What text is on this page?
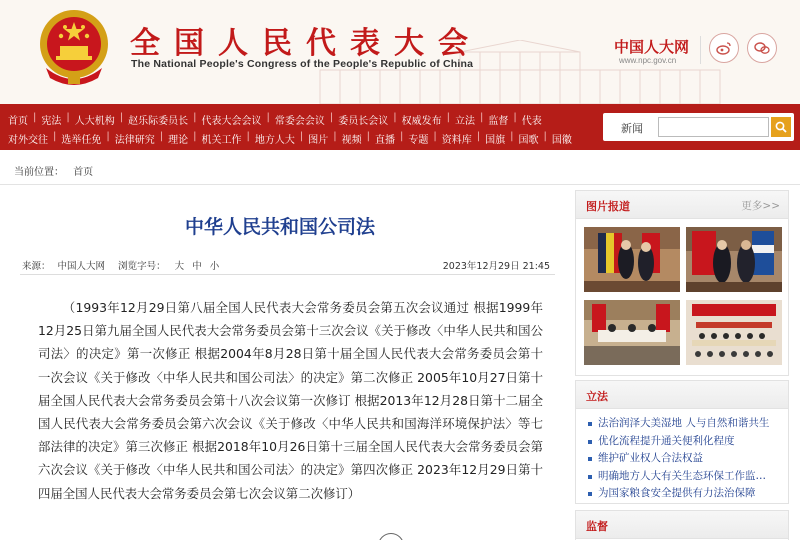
全国人民代表大会
The National People's Congress of the People's Republic of China
中国人大网
www.npc.gov.cn
首页 | 宪法 | 人大机构 | 赵乐际委员长 | 代表大会会议 | 常委会会议 | 委员长会议 | 权威发布 | 立法 | 监督 | 代表
对外交往 | 选举任免 | 法律研究 | 理论 | 机关工作 | 地方人大 | 图片 | 视频 | 直播 | 专题 | 资料库 | 国旗 | 国歌 | 国徽
新闻
当前位置： 首页
中华人民共和国公司法
来源： 中国人大网 浏览字号： 大 中 小	2023年12月29日 21:45
（1993年12月29日第八届全国人民代表大会常务委员会第五次会议通过 根据1999年12月25日第九届全国人民代表大会常务委员会第十三次会议《关于修改〈中华人民共和国公司法〉的决定》第一次修正 根据2004年8月28日第十届全国人民代表大会常务委员会第十一次会议《关于修改〈中华人民共和国公司法〉的决定》第二次修正 2005年10月27日第十届全国人民代表大会常务委员会第十八次会议第一次修订 根据2013年12月28日第十二届全国人民代表大会常务委员会第六次会议《关于修改〈中华人民共和国海洋环境保护法〉等七部法律的决定》第三次修正 根据2018年10月26日第十三届全国人民代表大会常务委员会第六次会议《关于修改〈中华人民共和国公司法〉的决定》第四次修正 2023年12月29日第十四届全国人民代表大会常务委员会第七次会议第二次修订）
图片报道	更多>>
立法
法治润泽大美湿地 人与自然和谐共生
优化流程提升通关便利化程度
维护矿业权人合法权益
明确地方人大有关生态环保工作监…
为国家粮食安全提供有力法治保障
监督
